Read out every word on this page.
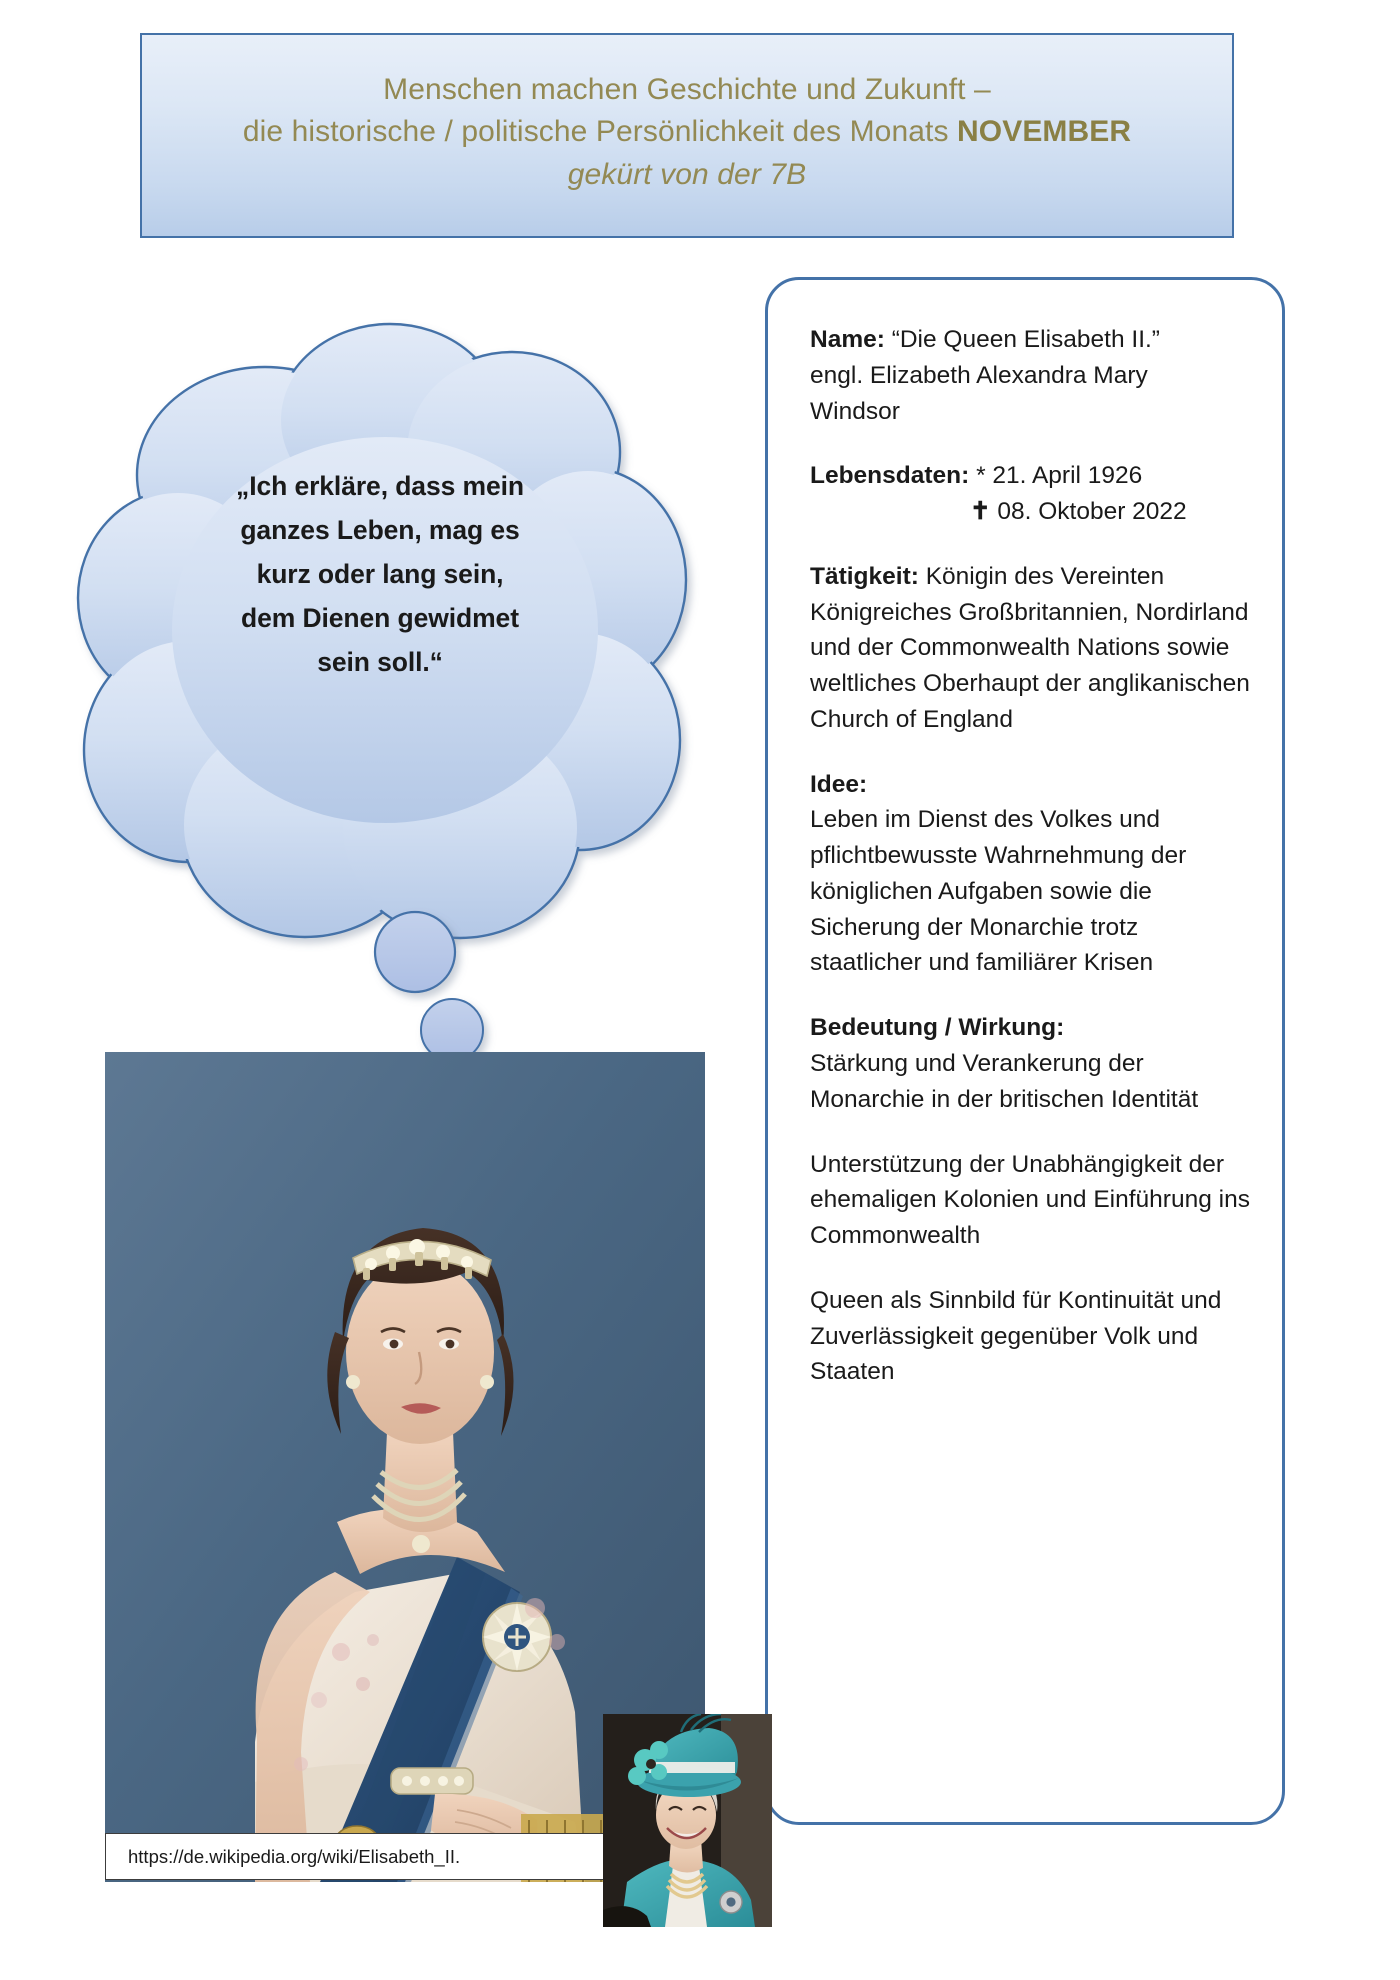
Menschen machen Geschichte und Zukunft –
die historische / politische Persönlichkeit des Monats NOVEMBER
gekürt von der 7B
„Ich erkläre, dass mein
ganzes Leben, mag es
kurz oder lang sein,
dem Dienen gewidmet
sein soll.“
https://de.wikipedia.org/wiki/Elisabeth_II.
Name: “Die Queen Elisabeth II.”
engl. Elizabeth Alexandra Mary
Windsor
Lebensdaten: * 21. April 1926
✝ 08. Oktober 2022
Tätigkeit: Königin des Vereinten Königreiches Großbritannien, Nordirland und der Commonwealth Nations sowie weltliches Oberhaupt der anglikanischen Church of England
Idee:
Leben im Dienst des Volkes und pflichtbewusste Wahrnehmung der königlichen Aufgaben sowie die Sicherung der Monarchie trotz staatlicher und familiärer Krisen
Bedeutung / Wirkung:
Stärkung und Verankerung der Monarchie in der britischen Identität
Unterstützung der Unabhängigkeit der ehemaligen Kolonien und Einführung ins Commonwealth
Queen als Sinnbild für Kontinuität und Zuverlässigkeit gegenüber Volk und Staaten
